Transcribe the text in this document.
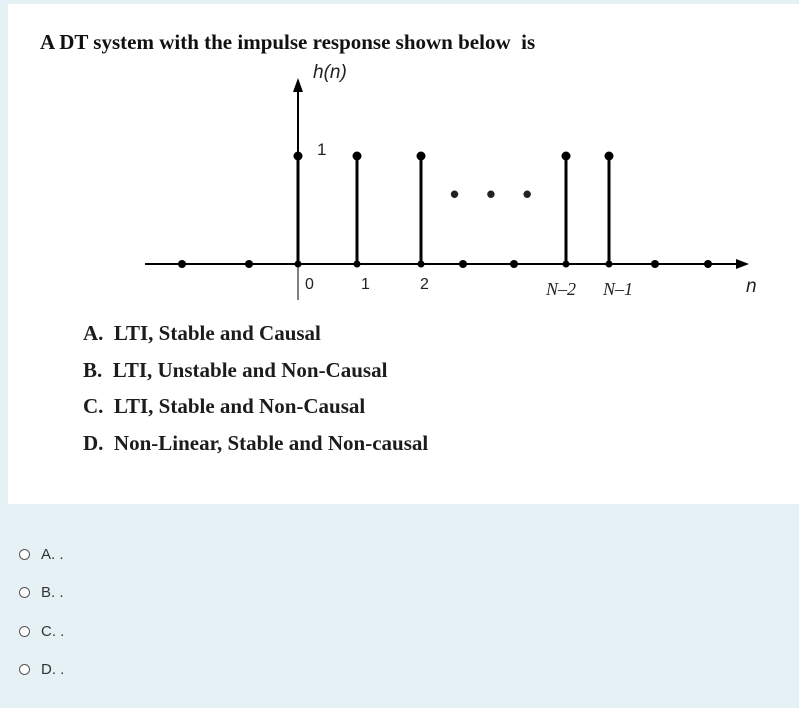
A DT system with the impulse response shown below  is
h(n)
n
1
• • •
0	1	2	N–2 N–1
A.  LTI, Stable and Causal
B.  LTI, Unstable and Non-Causal
C.  LTI, Stable and Non-Causal
D.  Non-Linear, Stable and Non-causal
A. .
B. .
C. .
D. .
